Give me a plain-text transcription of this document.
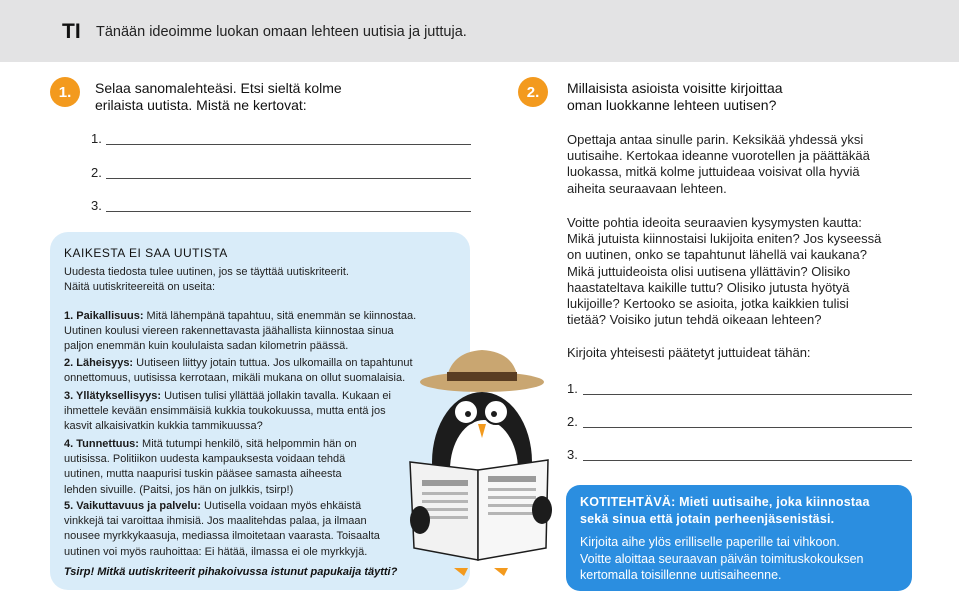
TI Tänään ideoimme luokan omaan lehteen uutisia ja juttuja.
1.	Selaa sanomalehteäsi. Etsi sieltä kolme
erilaista uutista. Mistä ne kertovat:
1.
2.
3.
KAIKESTA EI SAA UUTISTA
Uudesta tiedosta tulee uutinen, jos se täyttää uutiskriteerit.
Näitä uutiskriteereitä on useita:
1. Paikallisuus: Mitä lähempänä tapahtuu, sitä enemmän se kiinnostaa.
Uutinen koulusi viereen rakennettavasta jäähallista kiinnostaa sinua
paljon enemmän kuin koululaista sadan kilometrin päässä.
2. Läheisyys: Uutiseen liittyy jotain tuttua. Jos ulkomailla on tapahtunut
onnettomuus, uutisissa kerrotaan, mikäli mukana on ollut suomalaisia.
3. Yllätyksellisyys: Uutisen tulisi yllättää jollakin tavalla. Kukaan ei
ihmettele kevään ensimmäisiä kukkia toukokuussa, mutta entä jos
kasvit alkaisivatkin kukkia tammikuussa?
4. Tunnettuus: Mitä tutumpi henkilö, sitä helpommin hän on
uutisissa. Politiikon uudesta kampauksesta voidaan tehdä
uutinen, mutta naapurisi tuskin pääsee samasta aiheesta
lehden sivuille. (Paitsi, jos hän on julkkis, tsirp!)
5. Vaikuttavuus ja palvelu: Uutisella voidaan myös ehkäistä
vinkkejä tai varoittaa ihmisiä. Jos maalitehdas palaa, ja ilmaan
nousee myrkkykaasuja, mediassa ilmoitetaan vaarasta. Toisaalta
uutinen voi myös rauhoittaa: Ei hätää, ilmassa ei ole myrkkyjä.
Tsirp! Mitkä uutiskriteerit pihakoivussa istunut papukaija täytti?
2.	Millaisista asioista voisitte kirjoittaa
oman luokkanne lehteen uutisen?
Opettaja antaa sinulle parin. Keksikää yhdessä yksi
uutisaihe. Kertokaa ideanne vuorotellen ja päättäkää
luokassa, mitkä kolme juttuideaa voisivat olla hyviä
aiheita seuraavaan lehteen.
Voitte pohtia ideoita seuraavien kysymysten kautta:
Mikä jutuista kiinnostaisi lukijoita eniten? Jos kyseessä
on uutinen, onko se tapahtunut lähellä vai kaukana?
Mikä juttuideoista olisi uutisena yllättävin? Olisiko
haastateltava kaikille tuttu? Olisiko jutusta hyötyä
lukijoille? Kertooko se asioita, jotka kaikkien tulisi
tietää? Voisiko jutun tehdä oikeaan lehteen?
Kirjoita yhteisesti päätetyt juttuideat tähän:
1.
2.
3.
KOTITEHTÄVÄ: Mieti uutisaihe, joka kiinnostaa
sekä sinua että jotain perheenjäsenistäsi.
Kirjoita aihe ylös erilliselle paperille tai vihkoon.
Voitte aloittaa seuraavan päivän toimituskokouksen
kertomalla toisillenne uutisaiheenne.
